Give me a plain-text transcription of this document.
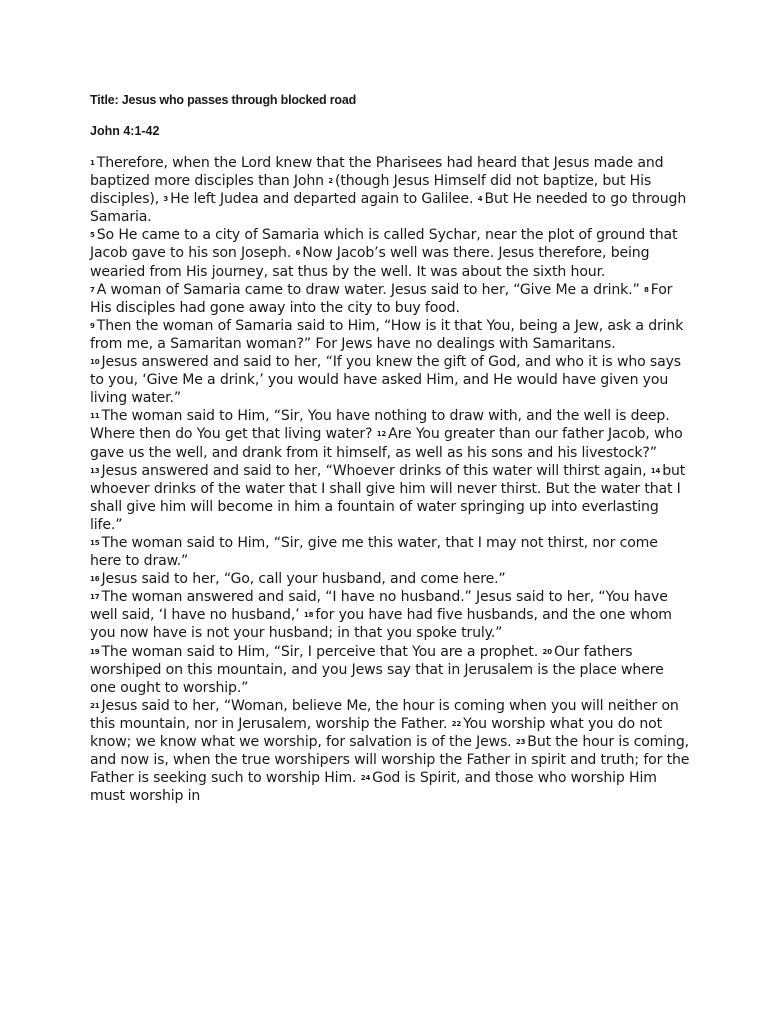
Title: Jesus who passes through blocked road

John 4:1-42

1 Therefore, when the Lord knew that the Pharisees had heard that Jesus made and baptized more disciples than John 2 (though Jesus Himself did not baptize, but His disciples), 3 He left Judea and departed again to Galilee. 4 But He needed to go through Samaria.
5 So He came to a city of Samaria which is called Sychar, near the plot of ground that Jacob gave to his son Joseph. 6 Now Jacob’s well was there. Jesus therefore, being wearied from His journey, sat thus by the well. It was about the sixth hour.
7 A woman of Samaria came to draw water. Jesus said to her, “Give Me a drink.” 8 For His disciples had gone away into the city to buy food.
9 Then the woman of Samaria said to Him, “How is it that You, being a Jew, ask a drink from me, a Samaritan woman?” For Jews have no dealings with Samaritans.
10 Jesus answered and said to her, “If you knew the gift of God, and who it is who says to you, ‘Give Me a drink,’ you would have asked Him, and He would have given you living water.”
11 The woman said to Him, “Sir, You have nothing to draw with, and the well is deep. Where then do You get that living water? 12 Are You greater than our father Jacob, who gave us the well, and drank from it himself, as well as his sons and his livestock?”
13 Jesus answered and said to her, “Whoever drinks of this water will thirst again, 14 but whoever drinks of the water that I shall give him will never thirst. But the water that I shall give him will become in him a fountain of water springing up into everlasting life.”
15 The woman said to Him, “Sir, give me this water, that I may not thirst, nor come here to draw.”
16 Jesus said to her, “Go, call your husband, and come here.”
17 The woman answered and said, “I have no husband.” Jesus said to her, “You have well said, ‘I have no husband,’ 18 for you have had five husbands, and the one whom you now have is not your husband; in that you spoke truly.”
19 The woman said to Him, “Sir, I perceive that You are a prophet. 20 Our fathers worshiped on this mountain, and you Jews say that in Jerusalem is the place where one ought to worship.”
21 Jesus said to her, “Woman, believe Me, the hour is coming when you will neither on this mountain, nor in Jerusalem, worship the Father. 22 You worship what you do not know; we know what we worship, for salvation is of the Jews. 23 But the hour is coming, and now is, when the true worshipers will worship the Father in spirit and truth; for the Father is seeking such to worship Him. 24 God is Spirit, and those who worship Him must worship in
